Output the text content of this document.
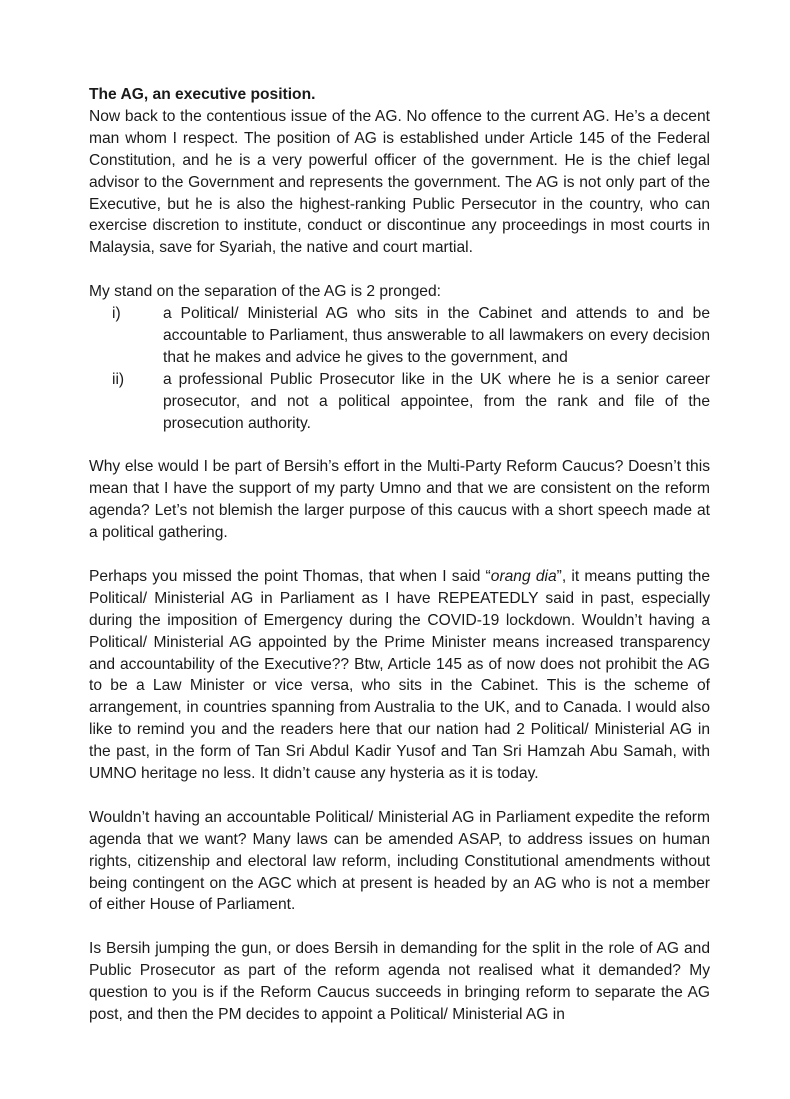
The AG, an executive position.

Now back to the contentious issue of the AG. No offence to the current AG. He’s a decent man whom I respect. The position of AG is established under Article 145 of the Federal Constitution, and he is a very powerful officer of the government. He is the chief legal advisor to the Government and represents the government. The AG is not only part of the Executive, but he is also the highest-ranking Public Persecutor in the country, who can exercise discretion to institute, conduct or discontinue any proceedings in most courts in Malaysia, save for Syariah, the native and court martial.

My stand on the separation of the AG is 2 pronged:

i)	a Political/ Ministerial AG who sits in the Cabinet and attends to and be accountable to Parliament, thus answerable to all lawmakers on every decision that he makes and advice he gives to the government, and
ii)	a professional Public Prosecutor like in the UK where he is a senior career prosecutor, and not a political appointee, from the rank and file of the prosecution authority.

Why else would I be part of Bersih’s effort in the Multi-Party Reform Caucus? Doesn’t this mean that I have the support of my party Umno and that we are consistent on the reform agenda? Let’s not blemish the larger purpose of this caucus with a short speech made at a political gathering.

Perhaps you missed the point Thomas, that when I said “orang dia”, it means putting the Political/ Ministerial AG in Parliament as I have REPEATEDLY said in past, especially during the imposition of Emergency during the COVID-19 lockdown. Wouldn’t having a Political/ Ministerial AG appointed by the Prime Minister means increased transparency and accountability of the Executive?? Btw, Article 145 as of now does not prohibit the AG to be a Law Minister or vice versa, who sits in the Cabinet. This is the scheme of arrangement, in countries spanning from Australia to the UK, and to Canada. I would also like to remind you and the readers here that our nation had 2 Political/ Ministerial AG in the past, in the form of Tan Sri Abdul Kadir Yusof and Tan Sri Hamzah Abu Samah, with UMNO heritage no less. It didn’t cause any hysteria as it is today.

Wouldn’t having an accountable Political/ Ministerial AG in Parliament expedite the reform agenda that we want? Many laws can be amended ASAP, to address issues on human rights, citizenship and electoral law reform, including Constitutional amendments without being contingent on the AGC which at present is headed by an AG who is not a member of either House of Parliament.

Is Bersih jumping the gun, or does Bersih in demanding for the split in the role of AG and Public Prosecutor as part of the reform agenda not realised what it demanded? My question to you is if the Reform Caucus succeeds in bringing reform to separate the AG post, and then the PM decides to appoint a Political/ Ministerial AG in
